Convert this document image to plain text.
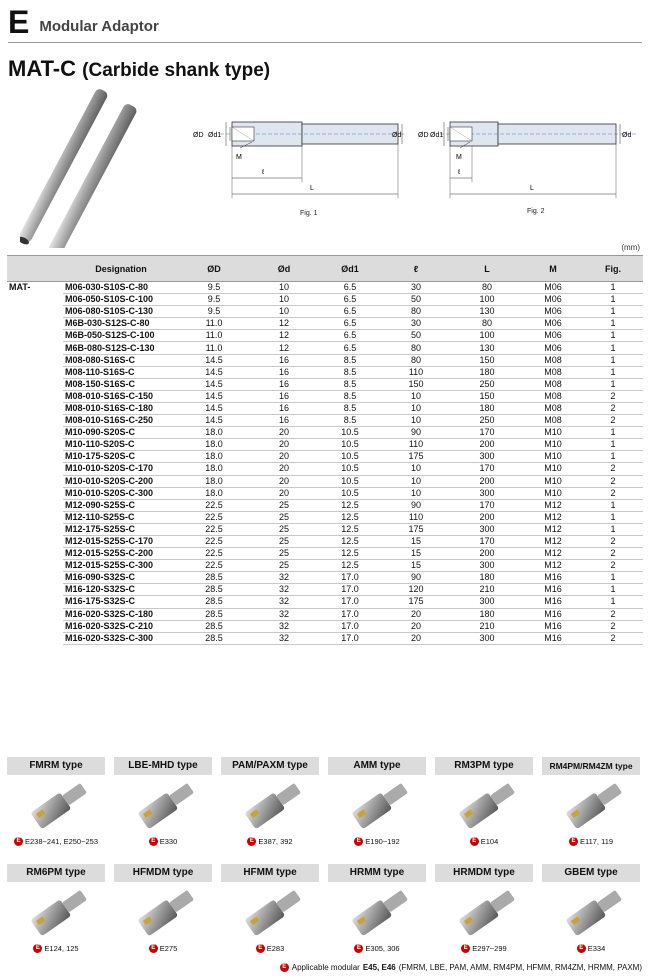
E Modular Adaptor
MAT-C (Carbide shank type)
ØD Ød1	Ød
M
ℓ
L
Fig. 1
ØD Ød1	Ød
M
ℓ
L
Fig. 2
(mm)
	Designation	ØD	Ød	Ød1	ℓ	L	M	Fig.
MAT-	M06-030-S10S-C-80	9.5	10	6.5	30	80	M06	1
	M06-050-S10S-C-100	9.5	10	6.5	50	100	M06	1
	M06-080-S10S-C-130	9.5	10	6.5	80	130	M06	1
	M6B-030-S12S-C-80	11.0	12	6.5	30	80	M06	1
	M6B-050-S12S-C-100	11.0	12	6.5	50	100	M06	1
	M6B-080-S12S-C-130	11.0	12	6.5	80	130	M06	1
	M08-080-S16S-C	14.5	16	8.5	80	150	M08	1
	M08-110-S16S-C	14.5	16	8.5	110	180	M08	1
	M08-150-S16S-C	14.5	16	8.5	150	250	M08	1
	M08-010-S16S-C-150	14.5	16	8.5	10	150	M08	2
	M08-010-S16S-C-180	14.5	16	8.5	10	180	M08	2
	M08-010-S16S-C-250	14.5	16	8.5	10	250	M08	2
	M10-090-S20S-C	18.0	20	10.5	90	170	M10	1
	M10-110-S20S-C	18.0	20	10.5	110	200	M10	1
	M10-175-S20S-C	18.0	20	10.5	175	300	M10	1
	M10-010-S20S-C-170	18.0	20	10.5	10	170	M10	2
	M10-010-S20S-C-200	18.0	20	10.5	10	200	M10	2
	M10-010-S20S-C-300	18.0	20	10.5	10	300	M10	2
	M12-090-S25S-C	22.5	25	12.5	90	170	M12	1
	M12-110-S25S-C	22.5	25	12.5	110	200	M12	1
	M12-175-S25S-C	22.5	25	12.5	175	300	M12	1
	M12-015-S25S-C-170	22.5	25	12.5	15	170	M12	2
	M12-015-S25S-C-200	22.5	25	12.5	15	200	M12	2
	M12-015-S25S-C-300	22.5	25	12.5	15	300	M12	2
	M16-090-S32S-C	28.5	32	17.0	90	180	M16	1
	M16-120-S32S-C	28.5	32	17.0	120	210	M16	1
	M16-175-S32S-C	28.5	32	17.0	175	300	M16	1
	M16-020-S32S-C-180	28.5	32	17.0	20	180	M16	2
	M16-020-S32S-C-210	28.5	32	17.0	20	210	M16	2
	M16-020-S32S-C-300	28.5	32	17.0	20	300	M16	2
FMRM type
E E238~241, E250~253
LBE-MHD type
E E330
PAM/PAXM type
E E387, 392
AMM type
E E190~192
RM3PM type
E E104
RM4PM/RM4ZM type
E E117, 119
RM6PM type
E E124, 125
HFMDM type
E E275
HFMM type
E E283
HRMM type
E E305, 306
HRMDM type
E E297~299
GBEM type
E E334
E Applicable modular E45, E46 (FMRM, LBE, PAM, AMM, RM4PM, HFMM, RM4ZM, HRMM, PAXM)
